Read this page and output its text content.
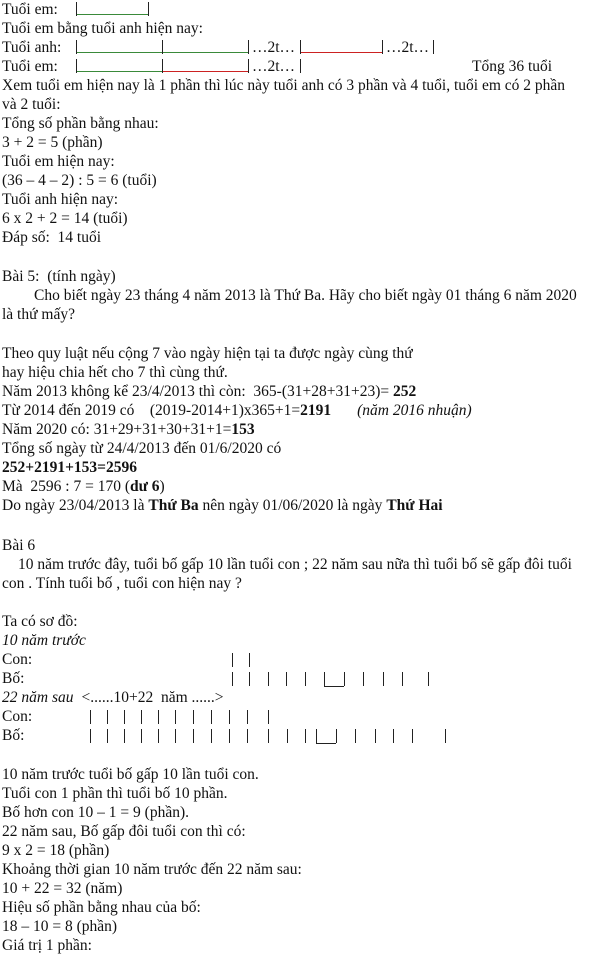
Tuổi em:
Tuổi em bằng tuổi anh hiện nay:
Tuổi anh:	…2t…	…2t…
Tuổi em:	…2t…	Tổng 36 tuổi
Xem tuổi em hiện nay là 1 phần thì lúc này tuổi anh có 3 phần và 4 tuổi, tuổi em có 2 phần và 2 tuổi:
Tổng số phần bằng nhau:
3 + 2 = 5 (phần)
Tuổi em hiện nay:
(36 – 4 – 2) : 5 = 6 (tuổi)
Tuổi anh hiện nay:
6 x 2 + 2 = 14 (tuổi)
Đáp số:  14 tuổi
Bài 5:  (tính ngày)
Cho biết ngày 23 tháng 4 năm 2013 là Thứ Ba. Hãy cho biết ngày 01 tháng 6 năm 2020 là thứ mấy?
Theo quy luật nếu cộng 7 vào ngày hiện tại ta được ngày cùng thứ
hay hiệu chia hết cho 7 thì cùng thứ.
Năm 2013 không kể 23/4/2013 thì còn:  365-(31+28+31+23)= 252
Từ 2014 đến 2019 có    (2019-2014+1)x365+1=2191 (năm 2016 nhuận)
Năm 2020 có: 31+29+31+30+31+1=153
Tổng số ngày từ 24/4/2013 đến 01/6/2020 có
252+2191+153=2596
Mà  2596 : 7 = 170 (dư 6)
Do ngày 23/04/2013 là Thứ Ba nên ngày 01/06/2020 là ngày Thứ Hai
Bài 6
10 năm trước đây, tuổi bố gấp 10 lần tuổi con ; 22 năm sau nữa thì tuổi bố sẽ gấp đôi tuổi con . Tính tuổi bố , tuổi con hiện nay ?
Ta có sơ đồ:
10 năm trước
Con:
Bố:
22 năm sau <......10+22  năm ......>
Con:
Bố:
10 năm trước tuổi bố gấp 10 lần tuổi con.
Tuổi con 1 phần thì tuổi bố 10 phần.
Bố hơn con 10 – 1 = 9 (phần).
22 năm sau, Bố gấp đôi tuổi con thì có:
9 x 2 = 18 (phần)
Khoảng thời gian 10 năm trước đến 22 năm sau:
10 + 22 = 32 (năm)
Hiệu số phần bằng nhau của bố:
18 – 10 = 8 (phần)
Giá trị 1 phần:
